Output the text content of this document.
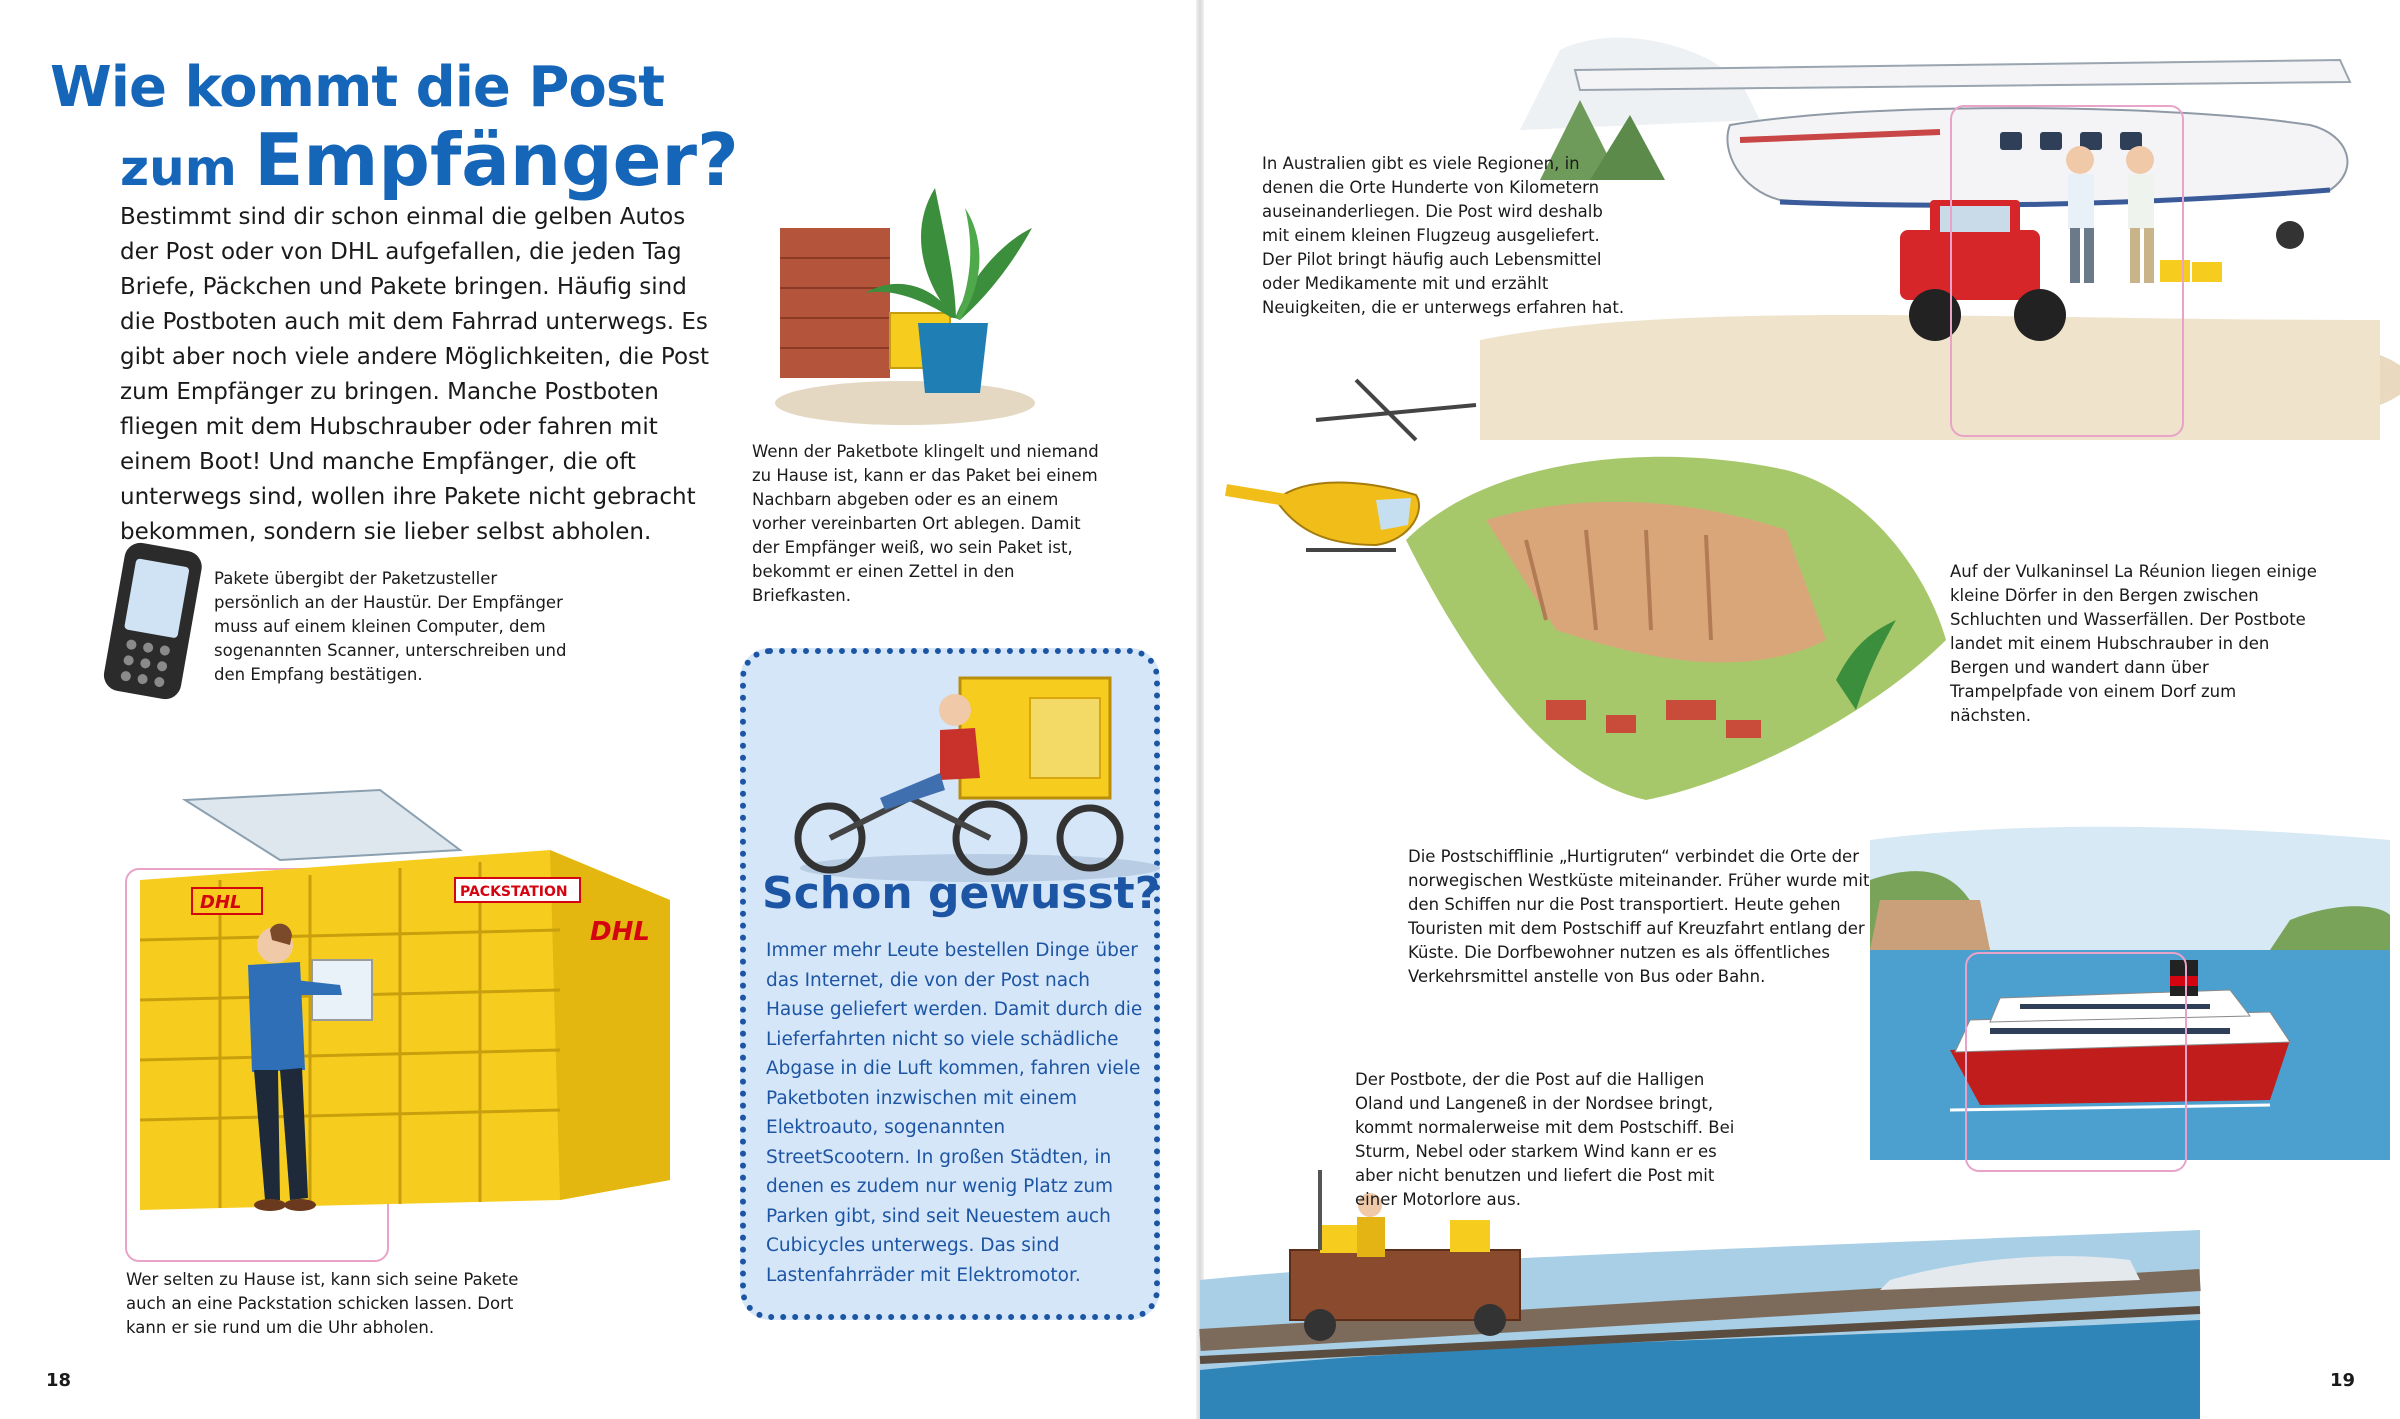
Wie kommt die Post
zum Empfänger?
Bestimmt sind dir schon einmal die gelben Autos der Post oder von DHL aufgefallen, die jeden Tag Briefe, Päckchen und Pakete bringen. Häufig sind die Postboten auch mit dem Fahrrad unterwegs. Es gibt aber noch viele andere Möglichkeiten, die Post zum Empfänger zu bringen. Manche Postboten fliegen mit dem Hubschrauber oder fahren mit einem Boot! Und manche Empfänger, die oft unterwegs sind, wollen ihre Pakete nicht gebracht bekommen, sondern sie lieber selbst abholen.
Pakete übergibt der Paketzusteller persönlich an der Haustür. Der Empfänger muss auf einem kleinen Computer, dem sogenannten Scanner, unterschreiben und den Empfang bestätigen.
Wenn der Paketbote klingelt und niemand zu Hause ist, kann er das Paket bei einem Nachbarn abgeben oder es an einem vorher vereinbarten Ort ablegen. Damit der Empfänger weiß, wo sein Paket ist, bekommt er einen Zettel in den Briefkasten.
DHL	PACKSTATION
DHL
Wer selten zu Hause ist, kann sich seine Pakete auch an eine Packstation schicken lassen. Dort kann er sie rund um die Uhr abholen.
Schon gewusst?
Immer mehr Leute bestellen Dinge über das Internet, die von der Post nach Hause geliefert werden. Damit durch die Lieferfahrten nicht so viele schädliche Abgase in die Luft kommen, fahren viele Paketboten inzwischen mit einem Elektroauto, sogenannten StreetScootern. In großen Städten, in denen es zudem nur wenig Platz zum Parken gibt, sind seit Neuestem auch Cubicycles unterwegs. Das sind Lastenfahrräder mit Elektromotor.
18
In Australien gibt es viele Regionen, in denen die Orte Hunderte von Kilometern auseinanderliegen. Die Post wird deshalb mit einem kleinen Flugzeug ausgeliefert. Der Pilot bringt häufig auch Lebensmittel oder Medikamente mit und erzählt Neuigkeiten, die er unterwegs erfahren hat.
Auf der Vulkaninsel La Réunion liegen einige kleine Dörfer in den Bergen zwischen Schluchten und Wasserfällen. Der Postbote landet mit einem Hubschrauber in den Bergen und wandert dann über Trampelpfade von einem Dorf zum nächsten.
Die Postschifflinie „Hurtigruten“ verbindet die Orte der norwegischen Westküste miteinander. Früher wurde mit den Schiffen nur die Post transportiert. Heute gehen Touristen mit dem Postschiff auf Kreuzfahrt entlang der Küste. Die Dorfbewohner nutzen es als öffentliches Verkehrsmittel anstelle von Bus oder Bahn.
Der Postbote, der die Post auf die Halligen Oland und Langeneß in der Nordsee bringt, kommt normalerweise mit dem Postschiff. Bei Sturm, Nebel oder starkem Wind kann er es aber nicht benutzen und liefert die Post mit einer Motorlore aus.
19
